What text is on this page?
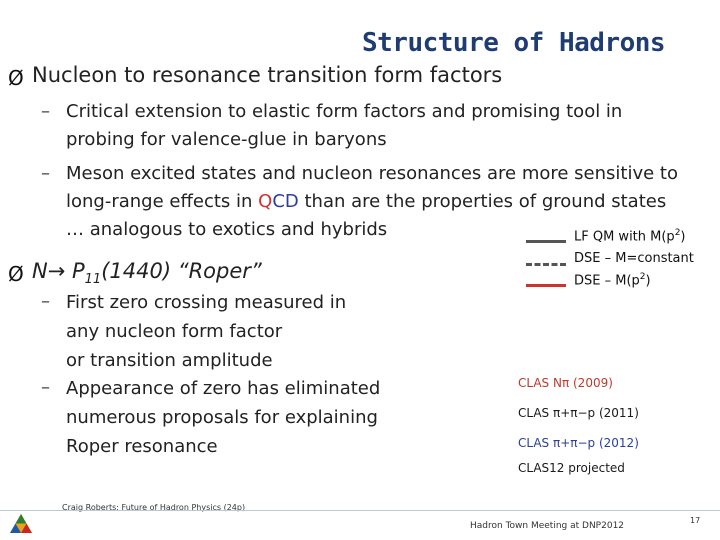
Structure of Hadrons
Ø Nucleon to resonance transition form factors
– Critical extension to elastic form factors and promising tool in
probing for valence-glue in baryons
– Meson excited states and nucleon resonances are more sensitive to
long-range effects in QCD than are the properties of ground states
… analogous to exotics and hybrids	LF QM with $M(p^2)$
DSE – M=constant
DSE – $M(p^2)$
Ø $N\to P_{11}(1440)$ “Roper”
– First zero crossing measured in
any nucleon form factor
or transition amplitude
– Appearance of zero has eliminated
numerous proposals for explaining
Roper resonance
CLAS Nπ (2009)
CLAS π+π−p (2011)
CLAS π+π−p (2012)
CLAS12 projected
Craig Roberts: Future of Hadron Physics (24p)
Hadron Town Meeting at DNP2012
17
